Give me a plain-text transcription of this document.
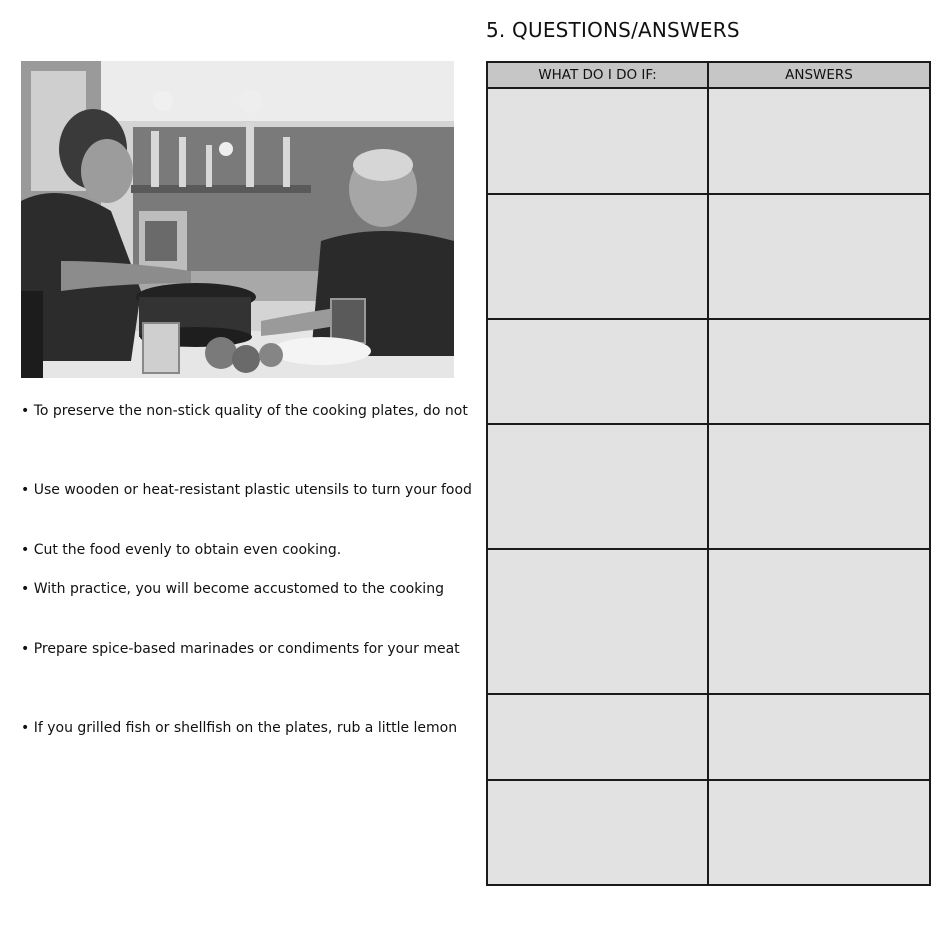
5. QUESTIONS/ANSWERS
• To preserve the non-stick quality of the cooking plates, do not
• Use wooden or heat-resistant plastic utensils to turn your food
• Cut the food evenly to obtain even cooking.
• With practice, you will become accustomed to the cooking
• Prepare spice-based marinades or condiments for your meat
• If you grilled fish or shellfish on the plates, rub a little lemon
WHAT DO I DO IF:	ANSWERS
